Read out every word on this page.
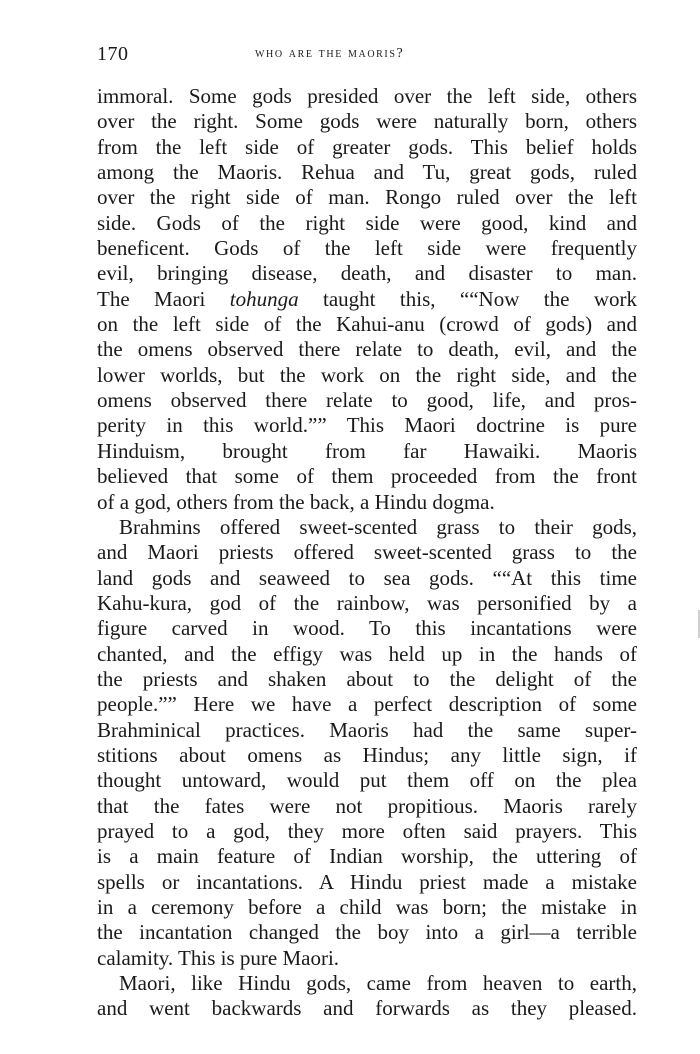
170	who are the maoris?
immoral. Some gods presided over the left side, others
over the right. Some gods were naturally born, others
from the left side of greater gods. This belief holds
among the Maoris. Rehua and Tu, great gods, ruled
over the right side of man. Rongo ruled over the left
side. Gods of the right side were good, kind and
beneficent. Gods of the left side were frequently
evil, bringing disease, death, and disaster to man.
The Maori tohunga taught this, ““Now the work
on the left side of the Kahui-anu (crowd of gods) and
the omens observed there relate to death, evil, and the
lower worlds, but the work on the right side, and the
omens observed there relate to good, life, and pros-
perity in this world.”” This Maori doctrine is pure
Hinduism, brought from far Hawaiki. Maoris
believed that some of them proceeded from the front
of a god, others from the back, a Hindu dogma.
Brahmins offered sweet-scented grass to their gods,
and Maori priests offered sweet-scented grass to the
land gods and seaweed to sea gods. ““At this time
Kahu-kura, god of the rainbow, was personified by a
figure carved in wood. To this incantations were
chanted, and the effigy was held up in the hands of
the priests and shaken about to the delight of the
people.”” Here we have a perfect description of some
Brahminical practices. Maoris had the same super-
stitions about omens as Hindus; any little sign, if
thought untoward, would put them off on the plea
that the fates were not propitious. Maoris rarely
prayed to a god, they more often said prayers. This
is a main feature of Indian worship, the uttering of
spells or incantations. A Hindu priest made a mistake
in a ceremony before a child was born; the mistake in
the incantation changed the boy into a girl—a terrible
calamity. This is pure Maori.
Maori, like Hindu gods, came from heaven to earth,
and went backwards and forwards as they pleased.
